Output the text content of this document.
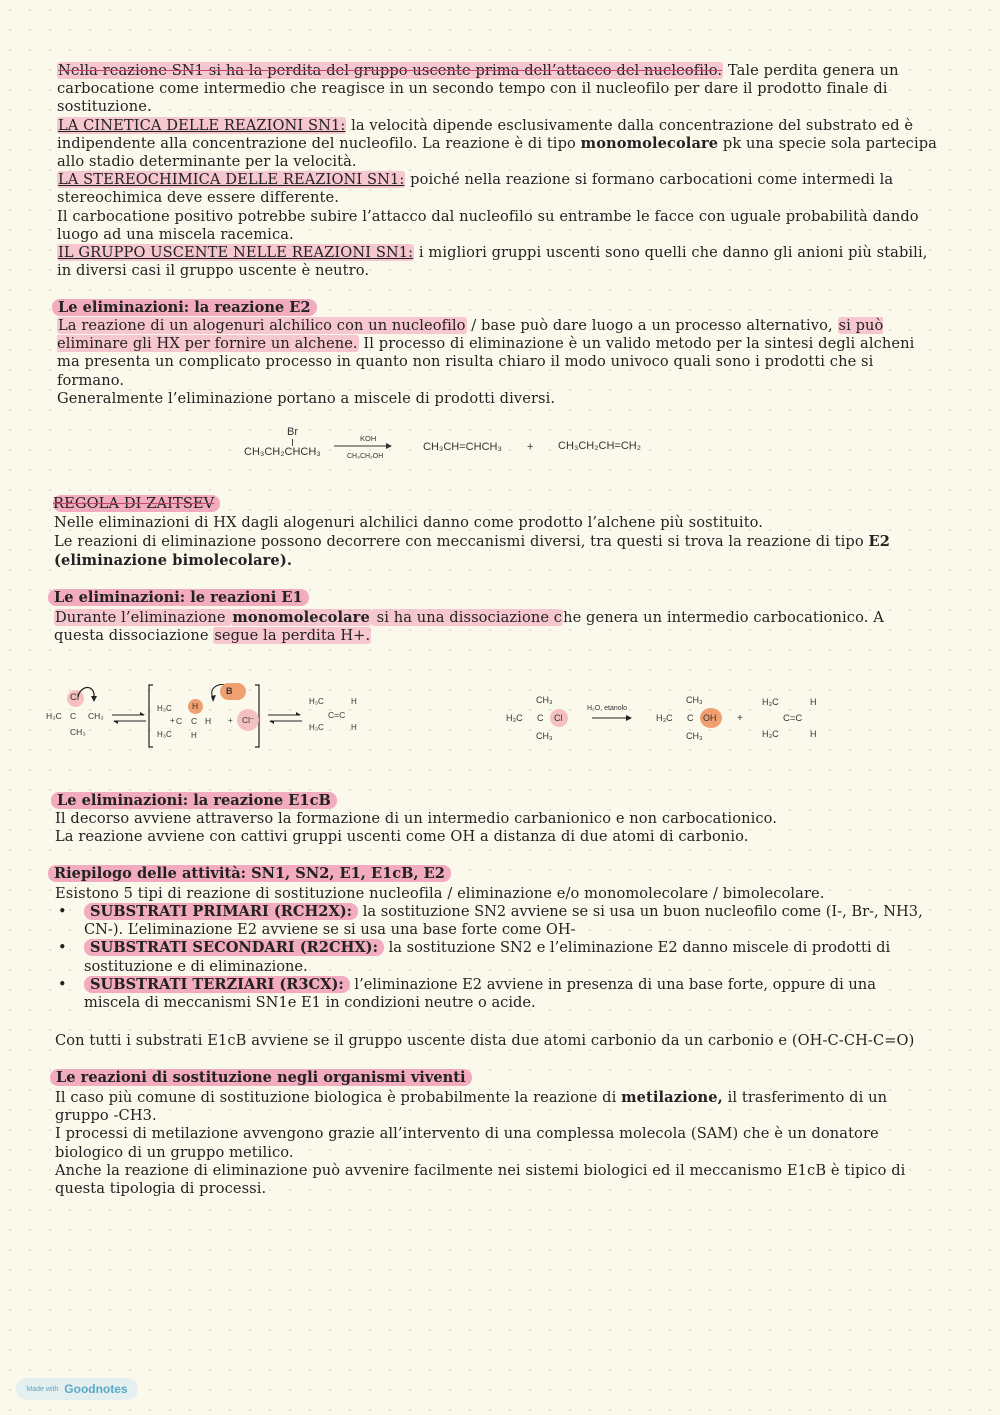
Nella reazione SN1 si ha la perdita del gruppo uscente prima dell’attacco del nucleofilo. Tale perdita genera un carbocatione come intermedio che reagisce in un secondo tempo con il nucleofilo per dare il prodotto finale di sostituzione.
LA CINETICA DELLE REAZIONI SN1: la velocità dipende esclusivamente dalla concentrazione del substrato ed è indipendente alla concentrazione del nucleofilo. La reazione è di tipo monomolecolare pk una specie sola partecipa allo stadio determinante per la velocità.
LA STEREOCHIMICA DELLE REAZIONI SN1: poiché nella reazione si formano carbocationi come intermedi la stereochimica deve essere differente.
Il carbocatione positivo potrebbe subire l’attacco dal nucleofilo su entrambe le facce con uguale probabilità dando luogo ad una miscela racemica.
IL GRUPPO USCENTE NELLE REAZIONI SN1: i migliori gruppi uscenti sono quelli che danno gli anioni più stabili, in diversi casi il gruppo uscente è neutro.
Le eliminazioni: la reazione E2
La reazione di un alogenuri alchilico con un nucleofilo / base può dare luogo a un processo alternativo, si può eliminare gli HX per fornire un alchene. Il processo di eliminazione è un valido metodo per la sintesi degli alcheni ma presenta un complicato processo in quanto non risulta chiaro il modo univoco quali sono i prodotti che si formano.
Generalmente l’eliminazione portano a miscele di prodotti diversi.
Br
CH₃CH₂CHCH₃
KOH
CH₃CH₂OH
CH₃CH=CHCH₃ + CH₃CH₂CH=CH₂
REGOLA DI ZAITSEV
Nelle eliminazioni di HX dagli alogenuri alchilici danno come prodotto l’alchene più sostituito.
Le reazioni di eliminazione possono decorrere con meccanismi diversi, tra questi si trova la reazione di tipo E2 (eliminazione bimolecolare).
Le eliminazioni: le reazioni E1
Durante l’eliminazione monomolecolare si ha una dissociazione che genera un intermedio carbocationico. A questa dissociazione segue la perdita H+.
Cl
H₃C C CH₃
CH₃
H
H₃C
+ C C H
H₃C H
B
+ Cl⁻ ⇌
H₃C	H
C=C
H₃C	H
CH₃
H₃C C Cl
CH₃
H₂O, etanolo
CH₃
H₃C C OH
CH₃
+
H₃C	H
C=C
H₃C	H
Le eliminazioni: la reazione E1cB
Il decorso avviene attraverso la formazione di un intermedio carbanionico e non carbocationico.
La reazione avviene con cattivi gruppi uscenti come OH a distanza di due atomi di carbonio.
Riepilogo delle attività: SN1, SN2, E1, E1cB, E2
Esistono 5 tipi di reazione di sostituzione nucleofila / eliminazione e/o monomolecolare / bimolecolare.
• SUBSTRATI PRIMARI (RCH2X): la sostituzione SN2 avviene se si usa un buon nucleofilo come (I-, Br-, NH3, CN-). L’eliminazione E2 avviene se si usa una base forte come OH-
• SUBSTRATI SECONDARI (R2CHX): la sostituzione SN2 e l’eliminazione E2 danno miscele di prodotti di sostituzione e di eliminazione.
• SUBSTRATI TERZIARI (R3CX): l’eliminazione E2 avviene in presenza di una base forte, oppure di una miscela di meccanismi SN1e E1 in condizioni neutre o acide.
Con tutti i substrati E1cB avviene se il gruppo uscente dista due atomi carbonio da un carbonio e (OH-C-CH-C=O)
Le reazioni di sostituzione negli organismi viventi
Il caso più comune di sostituzione biologica è probabilmente la reazione di metilazione, il trasferimento di un gruppo -CH3.
I processi di metilazione avvengono grazie all’intervento di una complessa molecola (SAM) che è un donatore biologico di un gruppo metilico.
Anche la reazione di eliminazione può avvenire facilmente nei sistemi biologici ed il meccanismo E1cB è tipico di questa tipologia di processi.
Made with Goodnotes
